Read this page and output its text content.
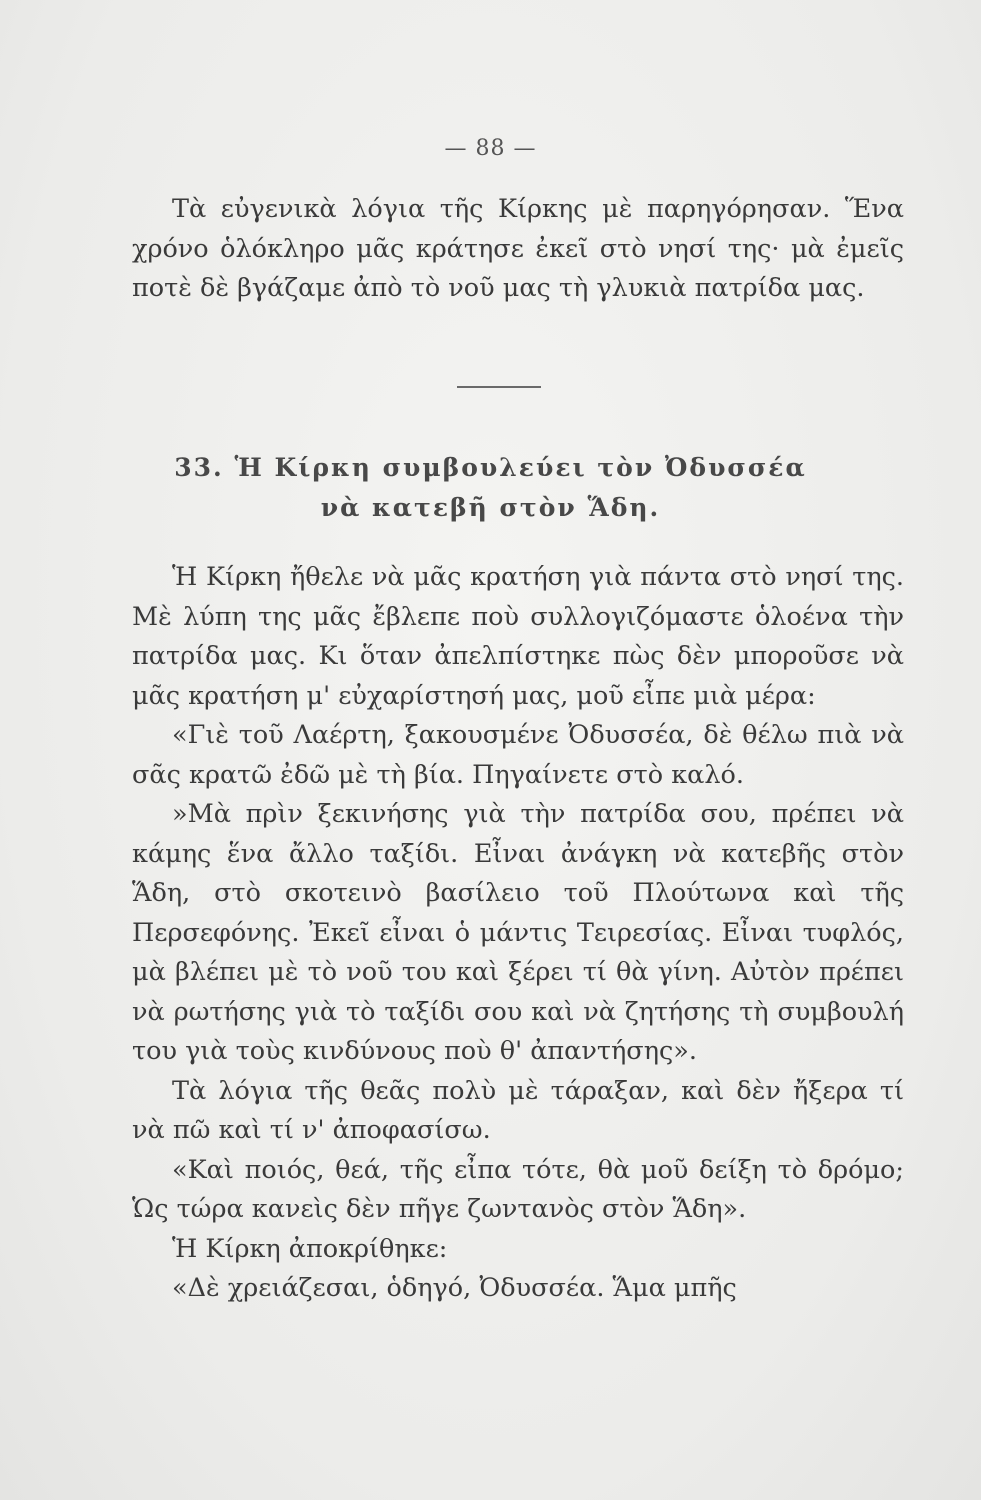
— 88 —

Τὰ εὐγενικὰ λόγια τῆς Κίρκης μὲ παρηγόρησαν. Ἕνα χρόνο ὁλόκληρο μᾶς κράτησε ἐκεῖ στὸ νησί της· μὰ ἐμεῖς ποτὲ δὲ βγάζαμε ἀπὸ τὸ νοῦ μας τὴ γλυκιὰ πατρίδα μας.

33. Ἡ Κίρκη συμβουλεύει τὸν Ὀδυσσέα
νὰ κατεβῆ στὸν Ἅδη.

Ἡ Κίρκη ἤθελε νὰ μᾶς κρατήση γιὰ πάντα στὸ νησί της. Μὲ λύπη της μᾶς ἔβλεπε ποὺ συλλογιζόμαστε ὁλοένα τὴν πατρίδα μας. Κι ὅταν ἀπελπίστηκε πὼς δὲν μποροῦσε νὰ μᾶς κρατήση μ' εὐχαρίστησή μας, μοῦ εἶπε μιὰ μέρα:

«Γιὲ τοῦ Λαέρτη, ξακουσμένε Ὀδυσσέα, δὲ θέλω πιὰ νὰ σᾶς κρατῶ ἐδῶ μὲ τὴ βία. Πηγαίνετε στὸ καλό.

»Μὰ πρὶν ξεκινήσης γιὰ τὴν πατρίδα σου, πρέπει νὰ κάμης ἕνα ἄλλο ταξίδι. Εἶναι ἀνάγκη νὰ κατεβῆς στὸν Ἅδη, στὸ σκοτεινὸ βασίλειο τοῦ Πλούτωνα καὶ τῆς Περσεφόνης. Ἐκεῖ εἶναι ὁ μάντις Τειρεσίας. Εἶναι τυφλός, μὰ βλέπει μὲ τὸ νοῦ του καὶ ξέρει τί θὰ γίνη. Αὐτὸν πρέπει νὰ ρωτήσης γιὰ τὸ ταξίδι σου καὶ νὰ ζητήσης τὴ συμβουλή του γιὰ τοὺς κινδύνους ποὺ θ' ἀπαντήσης».

Τὰ λόγια τῆς θεᾶς πολὺ μὲ τάραξαν, καὶ δὲν ἤξερα τί νὰ πῶ καὶ τί ν' ἀποφασίσω.

«Καὶ ποιός, θεά, τῆς εἶπα τότε, θὰ μοῦ δείξη τὸ δρόμο; Ὡς τώρα κανεὶς δὲν πῆγε ζωντανὸς στὸν Ἅδη».

Ἡ Κίρκη ἀποκρίθηκε:

«Δὲ χρειάζεσαι, ὁδηγό, Ὀδυσσέα. Ἅμα μπῆς
